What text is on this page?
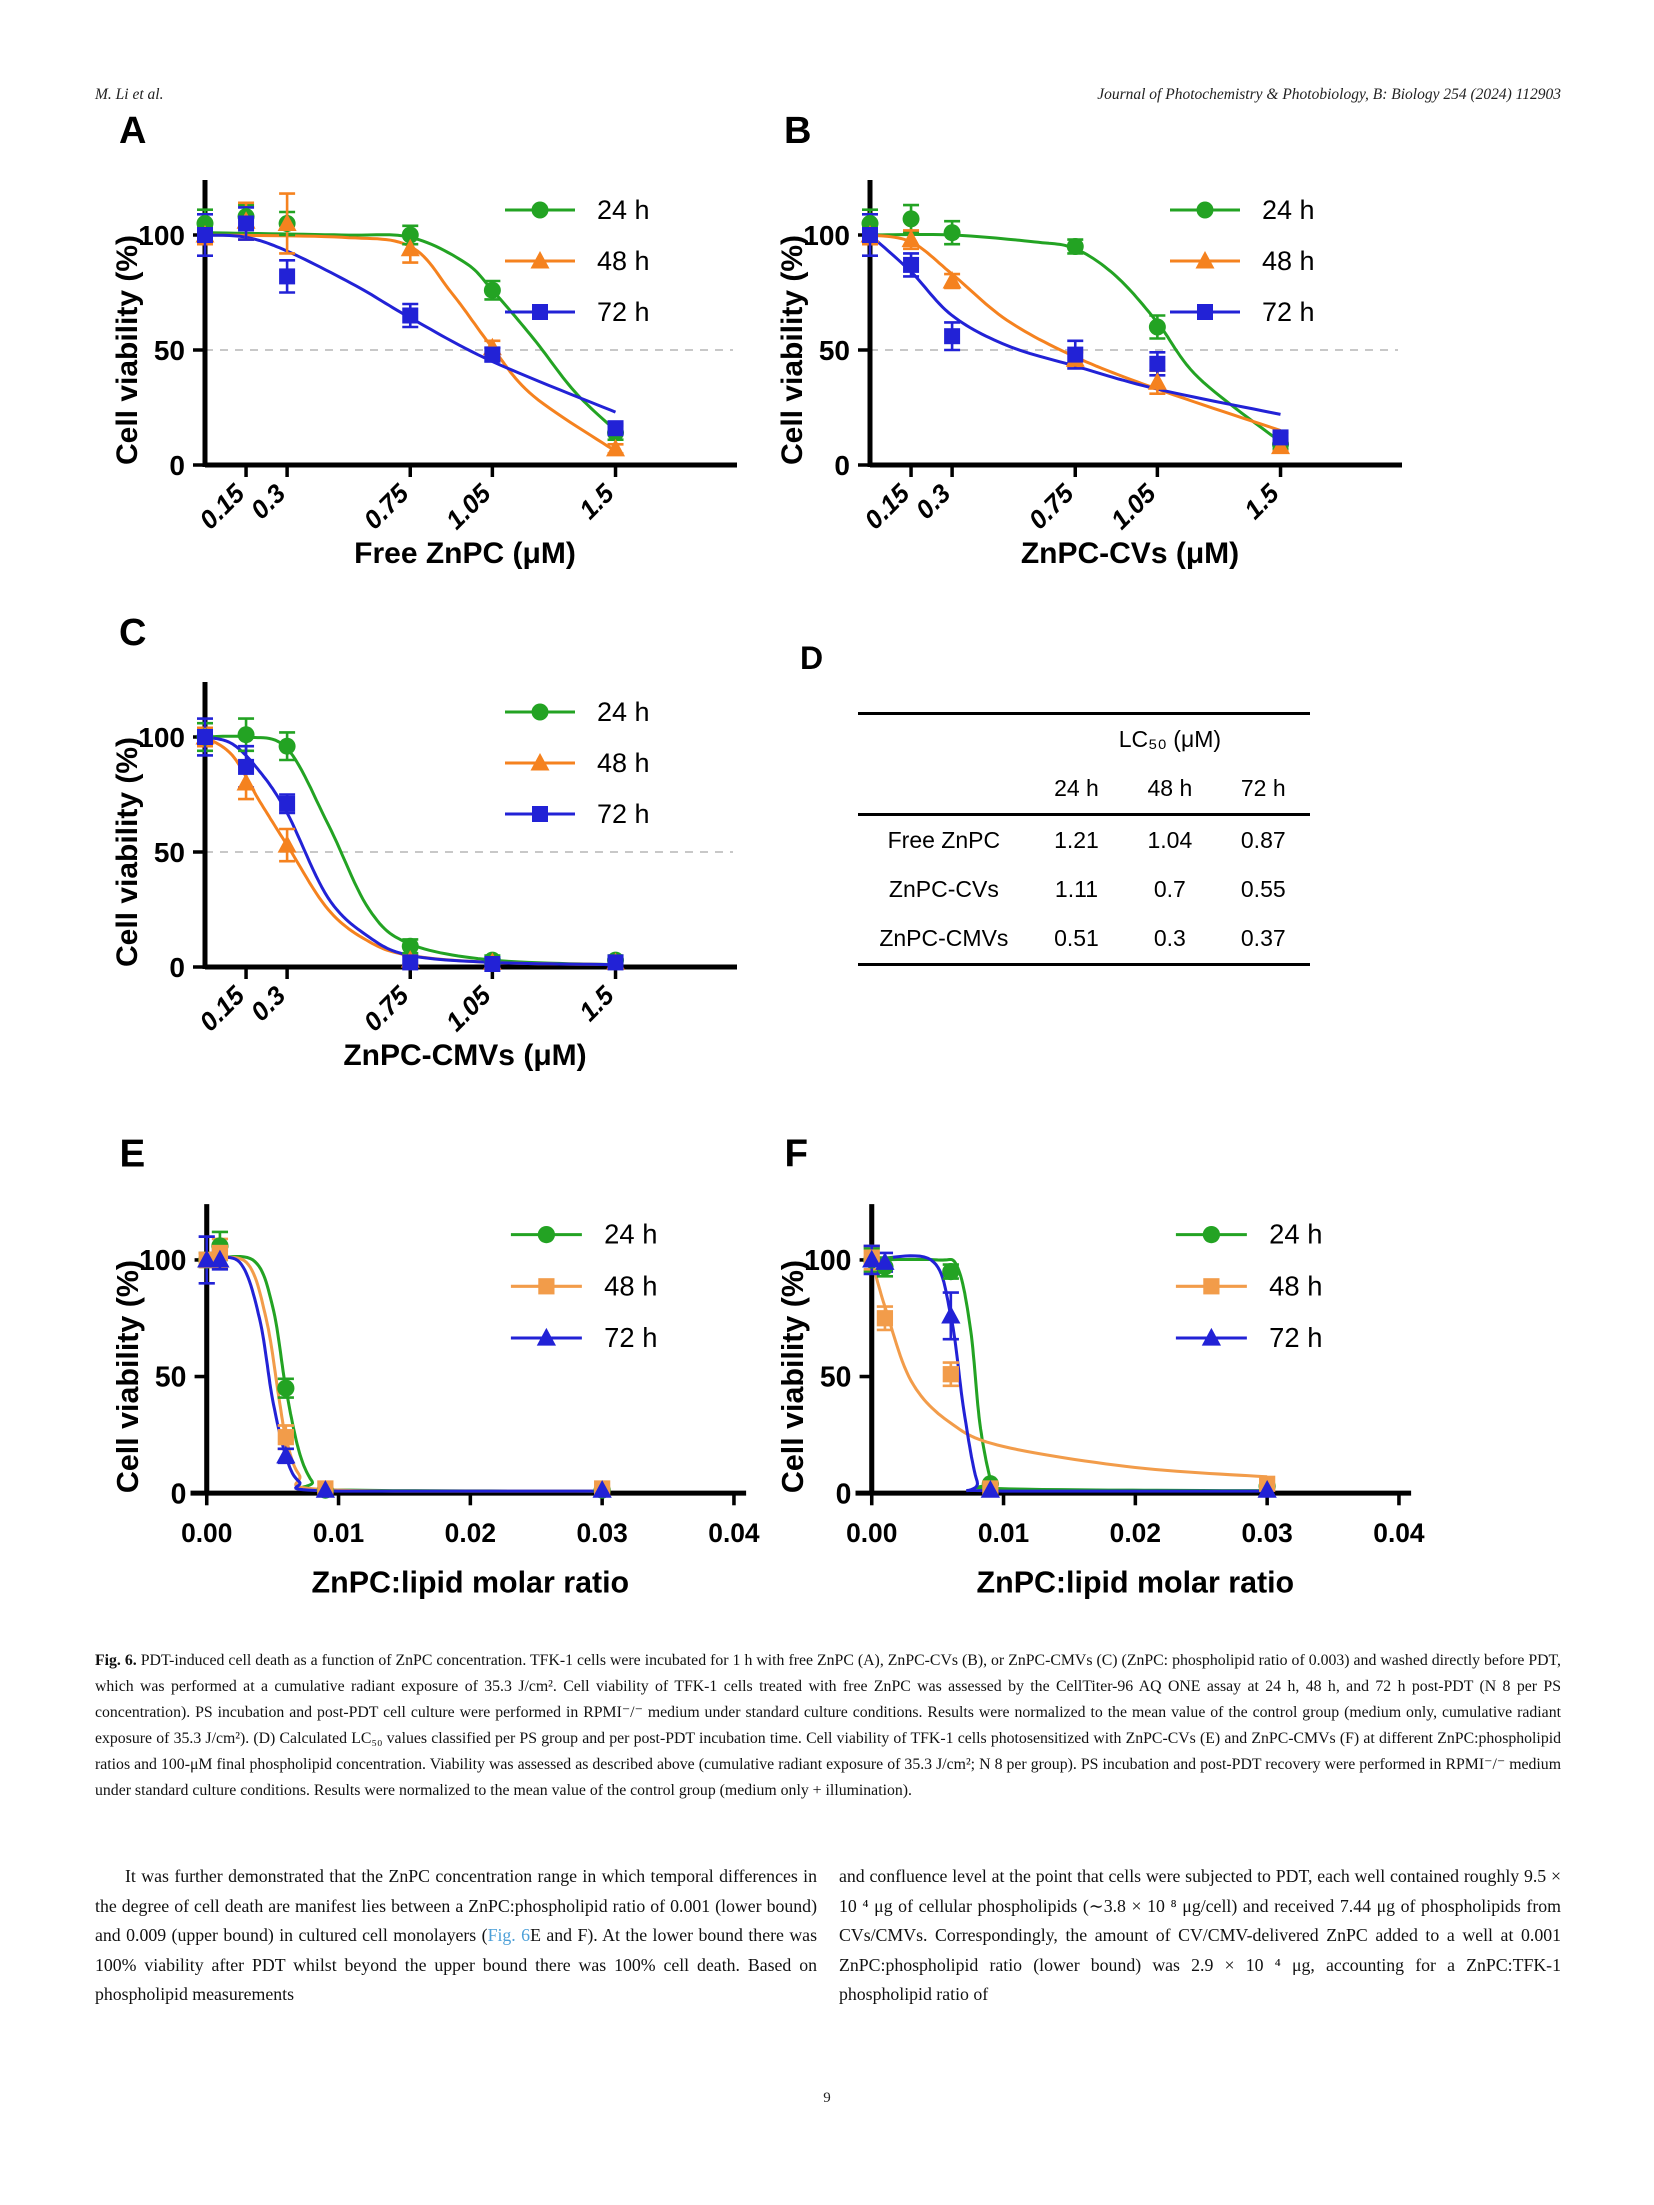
M. Li et al.	Journal of Photochemistry & Photobiology, B: Biology 254 (2024) 112903
0.15
0.3	0.75 1.05	1.5
0
50
100
Free ZnPC (μM)
Cell viability (%)
A
24 h
48 h
72 h
0.15
0.3	0.75 1.05	1.5
0
50
100
ZnPC-CVs (μM)
Cell viability (%)
B
24 h
48 h
72 h
0.15
0.3	0.75 1.05	1.5
0
50
100
ZnPC-CMVs (μM)
Cell viability (%)
C
24 h
48 h
72 h
D
	LC₅₀ (μM)		
	24 h	48 h	72 h
Free ZnPC	1.21	1.04	0.87
ZnPC-CVs	1.11	0.7	0.55
ZnPC-CMVs	0.51	0.3	0.37
0.00	0.01	0.02	0.03	0.04
0
50
100
ZnPC:lipid molar ratio
Cell viability (%)
E
24 h
48 h
72 h
0.00	0.01	0.02	0.03	0.04
0
50
100
ZnPC:lipid molar ratio
Cell viability (%)
F
24 h
48 h
72 h
Fig. 6. PDT-induced cell death as a function of ZnPC concentration. TFK-1 cells were incubated for 1 h with free ZnPC (A), ZnPC-CVs (B), or ZnPC-CMVs (C) (ZnPC: phospholipid ratio of 0.003) and washed directly before PDT, which was performed at a cumulative radiant exposure of 35.3 J/cm². Cell viability of TFK-1 cells treated with free ZnPC was assessed by the CellTiter-96 AQ ONE assay at 24 h, 48 h, and 72 h post-PDT (N 8 per PS concentration). PS incubation and post-PDT cell culture were performed in RPMI⁻/⁻ medium under standard culture conditions. Results were normalized to the mean value of the control group (medium only, cumulative radiant exposure of 35.3 J/cm²). (D) Calculated LC₅₀ values classified per PS group and per post-PDT incubation time. Cell viability of TFK-1 cells photosensitized with ZnPC-CVs (E) and ZnPC-CMVs (F) at different ZnPC:phospholipid ratios and 100-μM final phospholipid concentration. Viability was assessed as described above (cumulative radiant exposure of 35.3 J/cm²; N 8 per group). PS incubation and post-PDT recovery were performed in RPMI⁻/⁻ medium under standard culture conditions. Results were normalized to the mean value of the control group (medium only + illumination).
It was further demonstrated that the ZnPC concentration range in which temporal differences in the degree of cell death are manifest lies between a ZnPC:phospholipid ratio of 0.001 (lower bound) and 0.009 (upper bound) in cultured cell monolayers (Fig. 6E and F). At the lower bound there was 100% viability after PDT whilst beyond the upper bound there was 100% cell death. Based on phospholipid measurements
and confluence level at the point that cells were subjected to PDT, each well contained roughly 9.5 × 10 ⁴ μg of cellular phospholipids (∼3.8 × 10 ⁸ μg/cell) and received 7.44 μg of phospholipids from CVs/CMVs. Correspondingly, the amount of CV/CMV-delivered ZnPC added to a well at 0.001 ZnPC:phospholipid ratio (lower bound) was 2.9 × 10 ⁴ μg, accounting for a ZnPC:TFK-1 phospholipid ratio of
9
